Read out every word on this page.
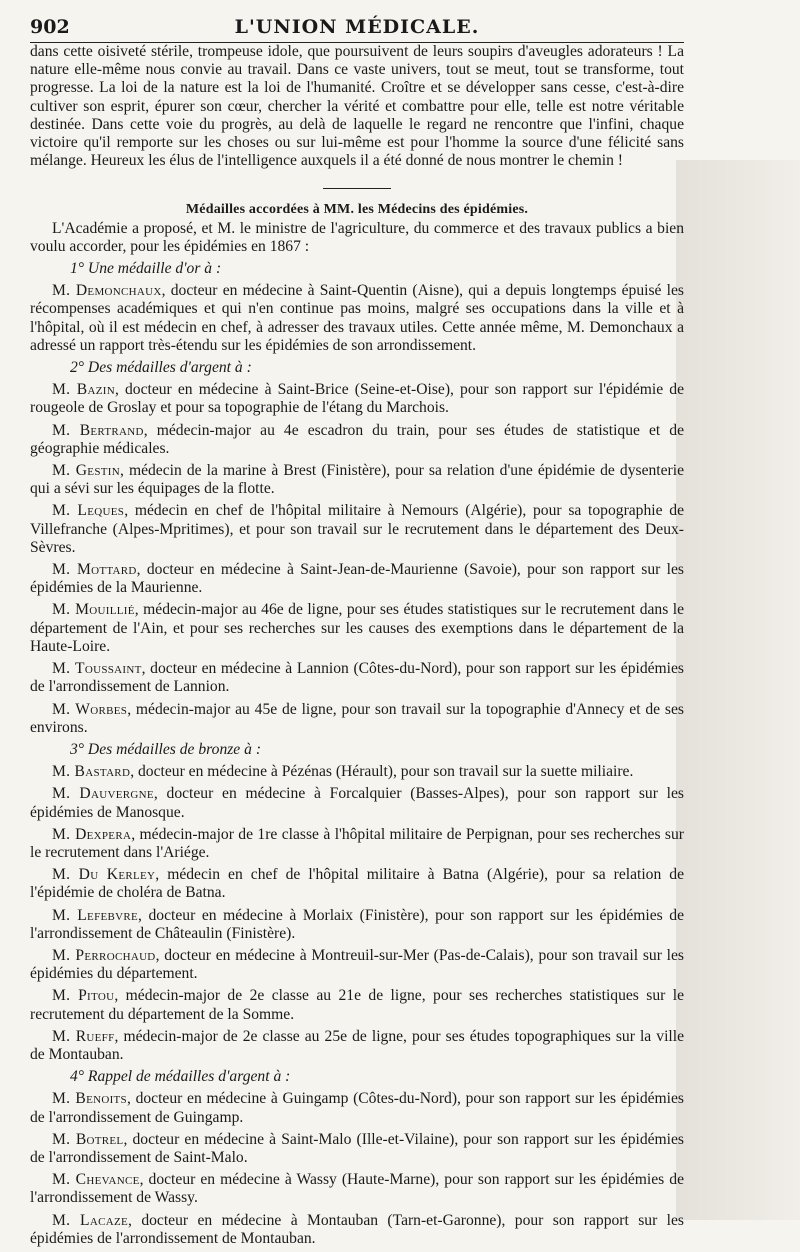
902	L'UNION MÉDICALE.

dans cette oisiveté stérile, trompeuse idole, que poursuivent de leurs soupirs d'aveugles adorateurs ! La nature elle-même nous convie au travail. Dans ce vaste univers, tout se meut, tout se transforme, tout progresse. La loi de la nature est la loi de l'humanité. Croître et se développer sans cesse, c'est-à-dire cultiver son esprit, épurer son cœur, chercher la vérité et combattre pour elle, telle est notre véritable destinée. Dans cette voie du progrès, au delà de laquelle le regard ne rencontre que l'infini, chaque victoire qu'il remporte sur les choses ou sur lui-même est pour l'homme la source d'une félicité sans mélange. Heureux les élus de l'intelligence auxquels il a été donné de nous montrer le chemin !

Médailles accordées à MM. les Médecins des épidémies.

L'Académie a proposé, et M. le ministre de l'agriculture, du commerce et des travaux publics a bien voulu accorder, pour les épidémies en 1867 :

1° Une médaille d'or à :

M. Demonchaux, docteur en médecine à Saint-Quentin (Aisne), qui a depuis longtemps épuisé les récompenses académiques et qui n'en continue pas moins, malgré ses occupations dans la ville et à l'hôpital, où il est médecin en chef, à adresser des travaux utiles. Cette année même, M. Demonchaux a adressé un rapport très-étendu sur les épidémies de son arrondissement.

2° Des médailles d'argent à :

M. Bazin, docteur en médecine à Saint-Brice (Seine-et-Oise), pour son rapport sur l'épidémie de rougeole de Groslay et pour sa topographie de l'étang du Marchois.

M. Bertrand, médecin-major au 4e escadron du train, pour ses études de statistique et de géographie médicales.

M. Gestin, médecin de la marine à Brest (Finistère), pour sa relation d'une épidémie de dysenterie qui a sévi sur les équipages de la flotte.

M. Leques, médecin en chef de l'hôpital militaire à Nemours (Algérie), pour sa topographie de Villefranche (Alpes-Mpritimes), et pour son travail sur le recrutement dans le département des Deux-Sèvres.

M. Mottard, docteur en médecine à Saint-Jean-de-Maurienne (Savoie), pour son rapport sur les épidémies de la Maurienne.

M. Mouillié, médecin-major au 46e de ligne, pour ses études statistiques sur le recrutement dans le département de l'Ain, et pour ses recherches sur les causes des exemptions dans le département de la Haute-Loire.

M. Toussaint, docteur en médecine à Lannion (Côtes-du-Nord), pour son rapport sur les épidémies de l'arrondissement de Lannion.

M. Worbes, médecin-major au 45e de ligne, pour son travail sur la topographie d'Annecy et de ses environs.

3° Des médailles de bronze à :

M. Bastard, docteur en médecine à Pézénas (Hérault), pour son travail sur la suette miliaire.

M. Dauvergne, docteur en médecine à Forcalquier (Basses-Alpes), pour son rapport sur les épidémies de Manosque.

M. Dexpera, médecin-major de 1re classe à l'hôpital militaire de Perpignan, pour ses recherches sur le recrutement dans l'Ariége.

M. Du Kerley, médecin en chef de l'hôpital militaire à Batna (Algérie), pour sa relation de l'épidémie de choléra de Batna.

M. Lefebvre, docteur en médecine à Morlaix (Finistère), pour son rapport sur les épidémies de l'arrondissement de Châteaulin (Finistère).

M. Perrochaud, docteur en médecine à Montreuil-sur-Mer (Pas-de-Calais), pour son travail sur les épidémies du département.

M. Pitou, médecin-major de 2e classe au 21e de ligne, pour ses recherches statistiques sur le recrutement du département de la Somme.

M. Rueff, médecin-major de 2e classe au 25e de ligne, pour ses études topographiques sur la ville de Montauban.

4° Rappel de médailles d'argent à :

M. Benoits, docteur en médecine à Guingamp (Côtes-du-Nord), pour son rapport sur les épidémies de l'arrondissement de Guingamp.

M. Botrel, docteur en médecine à Saint-Malo (Ille-et-Vilaine), pour son rapport sur les épidémies de l'arrondissement de Saint-Malo.

M. Chevance, docteur en médecine à Wassy (Haute-Marne), pour son rapport sur les épidémies de l'arrondissement de Wassy.

M. Lacaze, docteur en médecine à Montauban (Tarn-et-Garonne), pour son rapport sur les épidémies de l'arrondissement de Montauban.
